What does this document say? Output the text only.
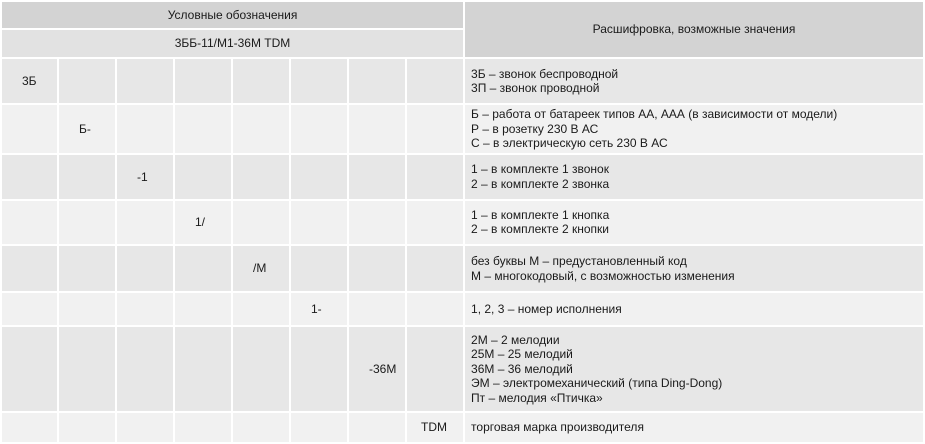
Условные обозначения								Расшифровка, возможные значения
3ББ-11/М1-36М TDM								
3Б								3Б – звонок беспроводной
3П – звонок проводной

	Б-							Б – работа от батареек типов АА, ААА (в зависимости от модели)
Р – в розетку 230 В АС
С – в электрическую сеть 230 В АС

		-1						1 – в комплекте 1 звонок
2 – в комплекте 2 звонка

			1/					1 – в комплекте 1 кнопка
2 – в комплекте 2 кнопки

				/М				без буквы М – предустановленный код
М – многокодовый, с возможностью изменения

					1-			1, 2, 3 – номер исполнения

						-36М		2М – 2 мелодии
25М – 25 мелодий
36М – 36 мелодий
ЭМ – электромеханический (типа Ding-Dong)
Пт – мелодия «Птичка»

							TDM	торговая марка производителя
